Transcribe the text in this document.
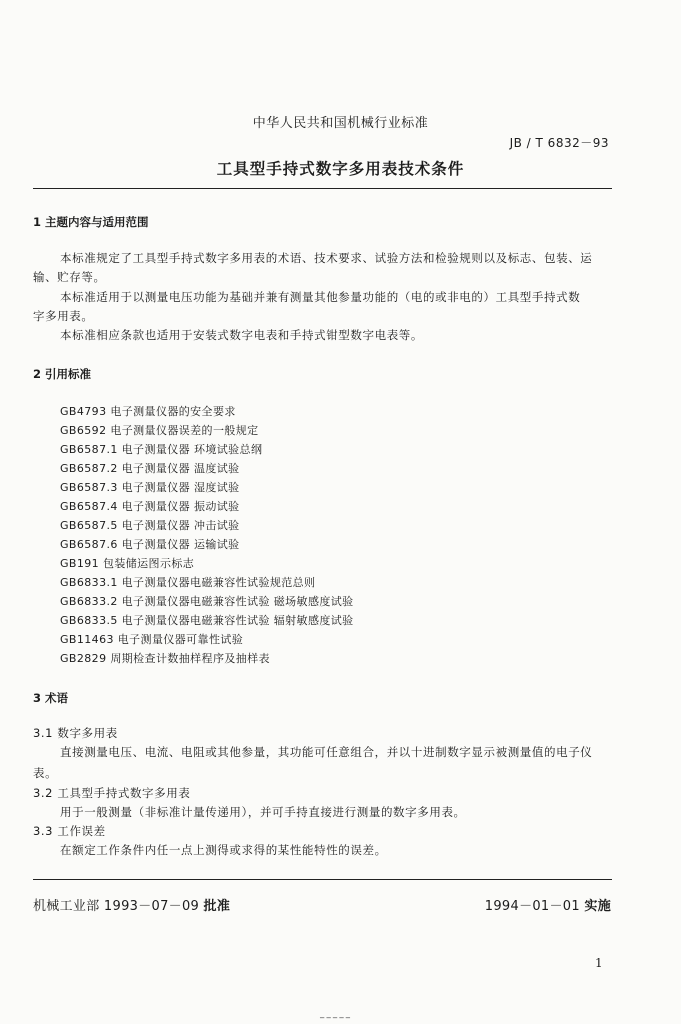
中华人民共和国机械行业标准
JB / T 6832－93
工具型手持式数字多用表技术条件
1 主题内容与适用范围
本标准规定了工具型手持式数字多用表的术语、技术要求、试验方法和检验规则以及标志、包装、运
输、贮存等。
本标准适用于以测量电压功能为基础并兼有测量其他参量功能的（电的或非电的）工具型手持式数
字多用表。
本标准相应条款也适用于安装式数字电表和手持式钳型数字电表等。
2 引用标准
GB4793 电子测量仪器的安全要求
GB6592 电子测量仪器误差的一般规定
GB6587.1 电子测量仪器 环境试验总纲
GB6587.2 电子测量仪器 温度试验
GB6587.3 电子测量仪器 湿度试验
GB6587.4 电子测量仪器 振动试验
GB6587.5 电子测量仪器 冲击试验
GB6587.6 电子测量仪器 运输试验
GB191 包装储运图示标志
GB6833.1 电子测量仪器电磁兼容性试验规范总则
GB6833.2 电子测量仪器电磁兼容性试验 磁场敏感度试验
GB6833.5 电子测量仪器电磁兼容性试验 辐射敏感度试验
GB11463 电子测量仪器可靠性试验
GB2829 周期检查计数抽样程序及抽样表
3 术语
3.1 数字多用表
直接测量电压、电流、电阻或其他参量，其功能可任意组合，并以十进制数字显示被测量值的电子仪
表。
3.2 工具型手持式数字多用表
用于一般测量（非标准计量传递用），并可手持直接进行测量的数字多用表。
3.3 工作误差
在额定工作条件内任一点上测得或求得的某性能特性的误差。
机械工业部 1993－07－09 批准	1994－01－01 实施
1
━ ━ ━ ━ ━
